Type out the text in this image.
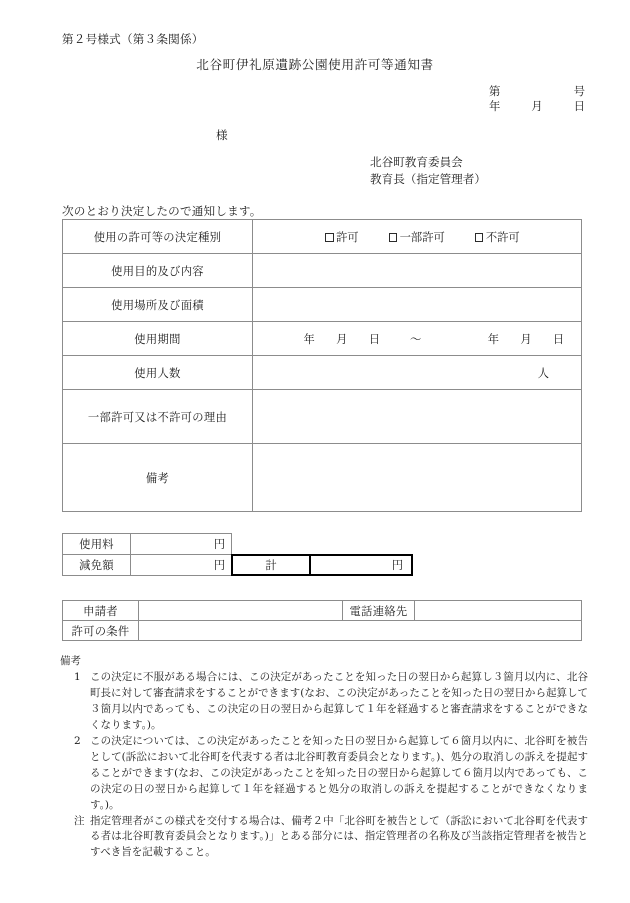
第２号様式（第３条関係）
北谷町伊礼原遺跡公園使用許可等通知書
第	号
年	月	日
様
北谷町教育委員会
教育長（指定管理者）
次のとおり決定したので通知します。
使用の許可等の決定種別	許可 一部許可 不許可

使用目的及び内容	
使用場所及び面積	
使用期間	年	月	日	～	年	月	日

使用人数	人

一部許可又は不許可の理由	
備考	
使用料	円
減免額	円	計	円
申請者		電話連絡先	
許可の条件			
備考
1 この決定に不服がある場合には、この決定があったことを知った日の翌日から起算し３箇月以内に、北谷町長に対して審査請求をすることができます(なお、この決定があったことを知った日の翌日から起算して３箇月以内であっても、この決定の日の翌日から起算して１年を経過すると審査請求をすることができなくなります。)。
2 この決定については、この決定があったことを知った日の翌日から起算して６箇月以内に、北谷町を被告として(訴訟において北谷町を代表する者は北谷町教育委員会となります。)、処分の取消しの訴えを提起することができます(なお、この決定があったことを知った日の翌日から起算して６箇月以内であっても、この決定の日の翌日から起算して１年を経過すると処分の取消しの訴えを提起することができなくなります。)。
注 指定管理者がこの様式を交付する場合は、備考２中「北谷町を被告として（訴訟において北谷町を代表する者は北谷町教育委員会となります。)」とある部分には、指定管理者の名称及び当該指定管理者を被告とすべき旨を記載すること。
